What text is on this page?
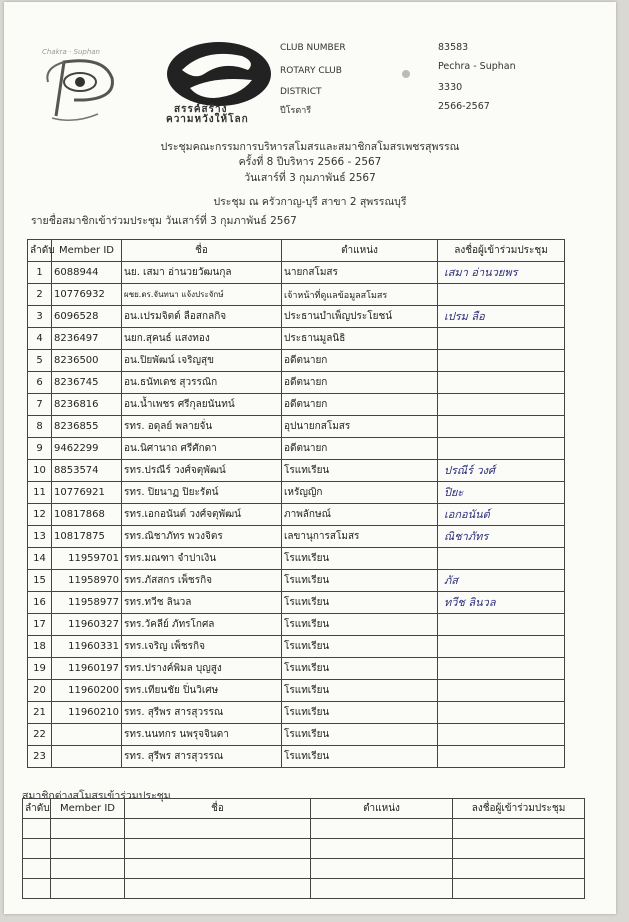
Chakra · Suphan
สรรค์สร้าง
ความหวังให้โลก
CLUB NUMBER	83583
ROTARY CLUB	Pechra - Suphan
DISTRICT	3330
ปีโรตารี	2566-2567
ประชุมคณะกรรมการบริหารสโมสรและสมาชิกสโมสรเพชรสุพรรณ
ครั้งที่ 8 ปีบริหาร 2566 - 2567
วันเสาร์ที่ 3 กุมภาพันธ์ 2567
ประชุม ณ ครัวกาญ-บุรี สาขา 2 สุพรรณบุรี
รายชื่อสมาชิกเข้าร่วมประชุม วันเสาร์ที่ 3 กุมภาพันธ์ 2567
ลำดับ	Member ID	ชื่อ	ตำแหน่ง	ลงชื่อผู้เข้าร่วมประชุม
1	6088944	นย. เสมา อ่านวยวัฒนกุล	นายกสโมสร	เสมา อ่านวยพร

2	10776932	ผชย.ดร.จันทนา แจ้งประจักษ์	เจ้าหน้าที่ดูแลข้อมูลสโมสร	
3	6096528	อน.เปรมจิตต์ ลือสกลกิจ	ประธานบำเพ็ญประโยชน์	เปรม ลือ

4	8236497	นยก.สุคนธ์ แสงทอง	ประธานมูลนิธิ	
5	8236500	อน.ปิยพัฒน์ เจริญสุข	อดีตนายก	
6	8236745	อน.ธนัทเดช สุวรรณิก	อดีตนายก	
7	8236816	อน.น้ำเพชร ศรีกุลยนันทน์	อดีตนายก	
8	8236855	รทร. อดุลย์ พลายจั่น	อุปนายกสโมสร	
9	9462299	อน.นิศานาถ ศรีศักดา	อดีตนายก	
10	8853574	รทร.ปรณีร์ วงศ์จตุพัฒน์	โรแทเรียน	ปรณีร์ วงศ์

11	10776921	รทร. ปิยนาฏ ปิยะรัตน์	เหรัญญิก	ปิยะ

12	10817868	รทร.เอกอนันต์ วงศ์จตุพัฒน์	ภาพลักษณ์	เอกอนันต์

13	10817875	รทร.ณิชาภัทร พวงจิตร	เลขานุการสโมสร	ณิชาภัทร

14	11959701	รทร.มณฑา จำปาเงิน	โรแทเรียน	
15	11958970	รทร.ภัสสกร เพ็ชรกิจ	โรแทเรียน	ภัส

16	11958977	รทร.ทวีช ลินวล	โรแทเรียน	ทวีช ลินวล

17	11960327	รทร.วัคลีย์ ภัทรโกศล	โรแทเรียน	
18	11960331	รทร.เจริญ เพ็ชรกิจ	โรแทเรียน	
19	11960197	รทร.ปรางค์พิมล บุญสูง	โรแทเรียน	
20	11960200	รทร.เทียนชัย ปิ่นวิเศษ	โรแทเรียน	
21	11960210	รทร. สุรีพร สารสุวรรณ	โรแทเรียน	
22		รทร.นนทกร นพรุจจินดา	โรแทเรียน	
23		รทร. สุรีพร สารสุวรรณ	โรแทเรียน	
สมาชิกต่างสโมสรเข้าร่วมประชุม
ลำดับ	Member ID	ชื่อ	ตำแหน่ง	ลงชื่อผู้เข้าร่วมประชุม
